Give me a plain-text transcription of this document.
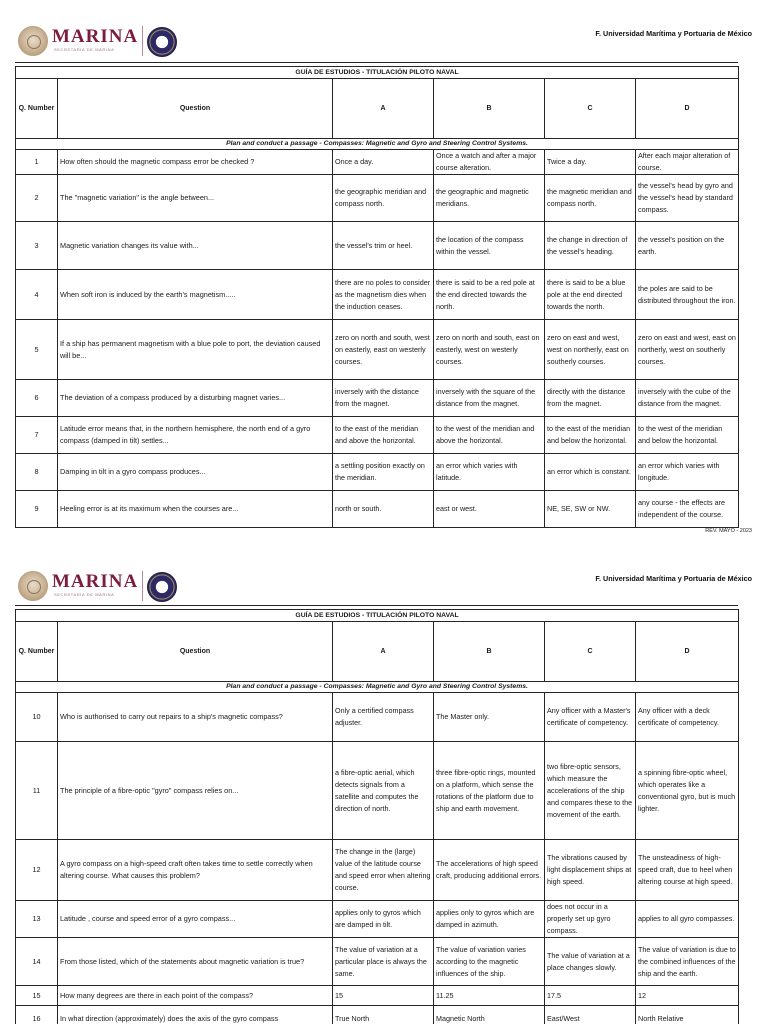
MARINA
SECRETARÍA DE MARINA
F. Universidad Marítima y Portuaria de México
GUÍA DE ESTUDIOS - TITULACIÓN PILOTO NAVAL					
Q. Number	Question	A	B	C	D
Plan and conduct a passage - Compasses: Magnetic and Gyro and Steering Control Systems.					
1	How often should the magnetic compass error be checked ?	Once a day.	Once a watch and after a major course alteration.	Twice a day.	After each major alteration of course.
2	The "magnetic variation" is the angle between...	the geographic meridian and compass north.	the geographic and magnetic meridians.	the magnetic meridian and compass north.	the vessel's head by gyro and the vessel's head by standard compass.
3	Magnetic variation changes its value with...	the vessel's trim or heel.	the location of the compass within the vessel.	the change in direction of the vessel's heading.	the vessel's position on the earth.
4	When soft iron is induced by the earth's magnetism.....	there are no poles to consider as the magnetism dies when the induction ceases.	there is said to be a red pole at the end directed towards the north.	there is said to be a blue pole at the end directed towards the north.	the poles are said to be distributed throughout the iron.
5	If a ship has permanent magnetism with a blue pole to port, the deviation caused will be...	zero on north and south, west on easterly, east on westerly courses.	zero on north and south, east on easterly, west on westerly courses.	zero on east and west, west on northerly, east on southerly courses.	zero on east and west, east on northerly, west on southerly courses.
6	The deviation of a compass produced by a disturbing magnet varies...	inversely with the distance from the magnet.	inversely with the square of the distance from the magnet.	directly with the distance from the magnet.	inversely with the cube of the distance from the magnet.
7	Latitude error means that, in the northern hemisphere, the north end of a gyro compass (damped in tilt) settles...	to the east of the meridian and above the horizontal.	to the west of the meridian and above the horizontal.	to the east of the meridian and below the horizontal.	to the west of the meridian and below the horizontal.
8	Damping in tilt in a gyro compass produces...	a settling position exactly on the meridian.	an error which varies with latitude.	an error which is constant.	an error which varies with longitude.
9	Heeling error is at its maximum when the courses are...	north or south.	east or west.	NE, SE, SW or NW.	any course - the effects are independent of the course.
REV. MAYO - 2023
MARINA
SECRETARÍA DE MARINA
F. Universidad Marítima y Portuaria de México
GUÍA DE ESTUDIOS - TITULACIÓN PILOTO NAVAL					
Q. Number	Question	A	B	C	D
Plan and conduct a passage - Compasses: Magnetic and Gyro and Steering Control Systems.					
10	Who is authorised to carry out repairs to a ship's magnetic compass?	Only a certified compass adjuster.	The Master only.	Any officer with a Master's certificate of competency.	Any officer with a deck certificate of competency.
11	The principle of a fibre-optic "gyro" compass relies on...	a fibre-optic aerial, which detects signals from a satellite and computes the direction of north.	three fibre-optic rings, mounted on a platform, which sense the rotations of the platform due to ship and earth movement.	two fibre-optic sensors, which measure the accelerations of the ship and compares these to the movement of the earth.	a spinning fibre-optic wheel, which operates like a conventional gyro, but is much lighter.
12	A gyro compass on a high-speed craft often takes time to settle correctly when altering course. What causes this problem?	The change in the (large) value of the latitude course and speed error when altering course.	The accelerations of high speed craft, producing additional errors.	The vibrations caused by light displacement ships at high speed.	The unsteadiness of high-speed craft, due to heel when altering course at high speed.
13	Latitude , course and speed error of a gyro compass...	applies only to gyros which are damped in tilt.	applies only to gyros which are damped in azimuth.	does not occur in a properly set up gyro compass.	applies to all gyro compasses.
14	From those listed, which of the statements about magnetic variation is true?	The value of variation at a particular place is always the same.	The value of variation varies according to the magnetic influences of the ship.	The value of variation at a place changes slowly.	The value of variation is due to the combined influences of the ship and the earth.
15	How many degrees are there in each point of the compass?	15	11.25	17.5	12
16	In what direction (approximately) does the axis of the gyro compass	True North	Magnetic North	East/West	North Relative
